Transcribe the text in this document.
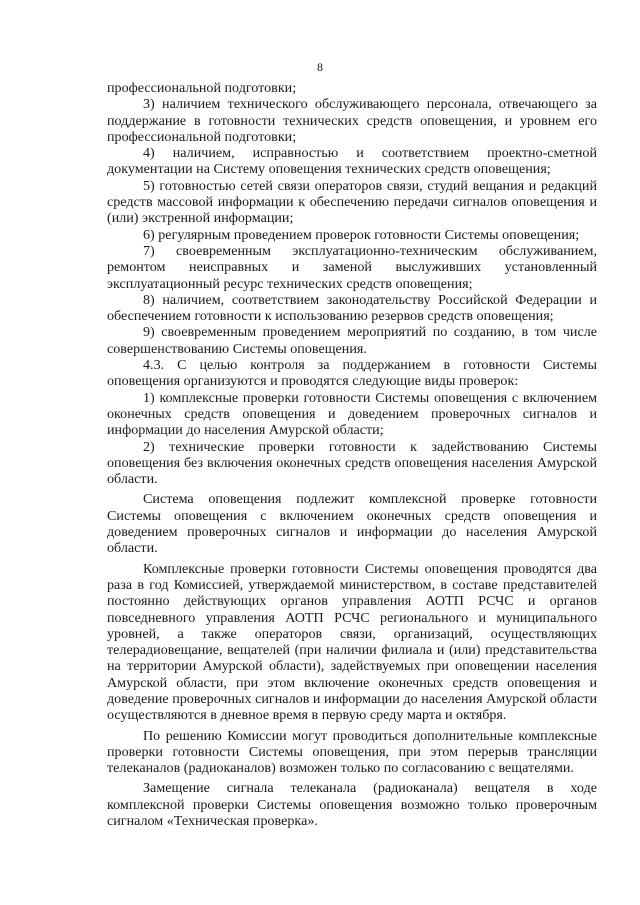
8

профессиональной подготовки;

3) наличием технического обслуживающего персонала, отвечающего за поддержание в готовности технических средств оповещения, и уровнем его профессиональной подготовки;

4) наличием, исправностью и соответствием проектно-сметной документации на Систему оповещения технических средств оповещения;

5) готовностью сетей связи операторов связи, студий вещания и редакций средств массовой информации к обеспечению передачи сигналов оповещения и (или) экстренной информации;

6) регулярным проведением проверок готовности Системы оповещения;

7) своевременным эксплуатационно-техническим обслуживанием, ремонтом неисправных и заменой выслуживших установленный эксплуатационный ресурс технических средств оповещения;

8) наличием, соответствием законодательству Российской Федерации и обеспечением готовности к использованию резервов средств оповещения;

9) своевременным проведением мероприятий по созданию, в том числе совершенствованию Системы оповещения.

4.3. С целью контроля за поддержанием в готовности Системы оповещения организуются и проводятся следующие виды проверок:

1) комплексные проверки готовности Системы оповещения с включением оконечных средств оповещения и доведением проверочных сигналов и информации до населения Амурской области;

2) технические проверки готовности к задействованию Системы оповещения без включения оконечных средств оповещения населения Амурской области.

Система оповещения подлежит комплексной проверке готовности Системы оповещения с включением оконечных средств оповещения и доведением проверочных сигналов и информации до населения Амурской области.

Комплексные проверки готовности Системы оповещения проводятся два раза в год Комиссией, утверждаемой министерством, в составе представителей постоянно действующих органов управления АОТП РСЧС и органов повседневного управления АОТП РСЧС регионального и муниципального уровней, а также операторов связи, организаций, осуществляющих телерадиовещание, вещателей (при наличии филиала и (или) представительства на территории Амурской области), задействуемых при оповещении населения Амурской области, при этом включение оконечных средств оповещения и доведение проверочных сигналов и информации до населения Амурской области осуществляются в дневное время в первую среду марта и октября.

По решению Комиссии могут проводиться дополнительные комплексные проверки готовности Системы оповещения, при этом перерыв трансляции телеканалов (радиоканалов) возможен только по согласованию с вещателями.

Замещение сигнала телеканала (радиоканала) вещателя в ходе комплексной проверки Системы оповещения возможно только проверочным сигналом «Техническая проверка».
